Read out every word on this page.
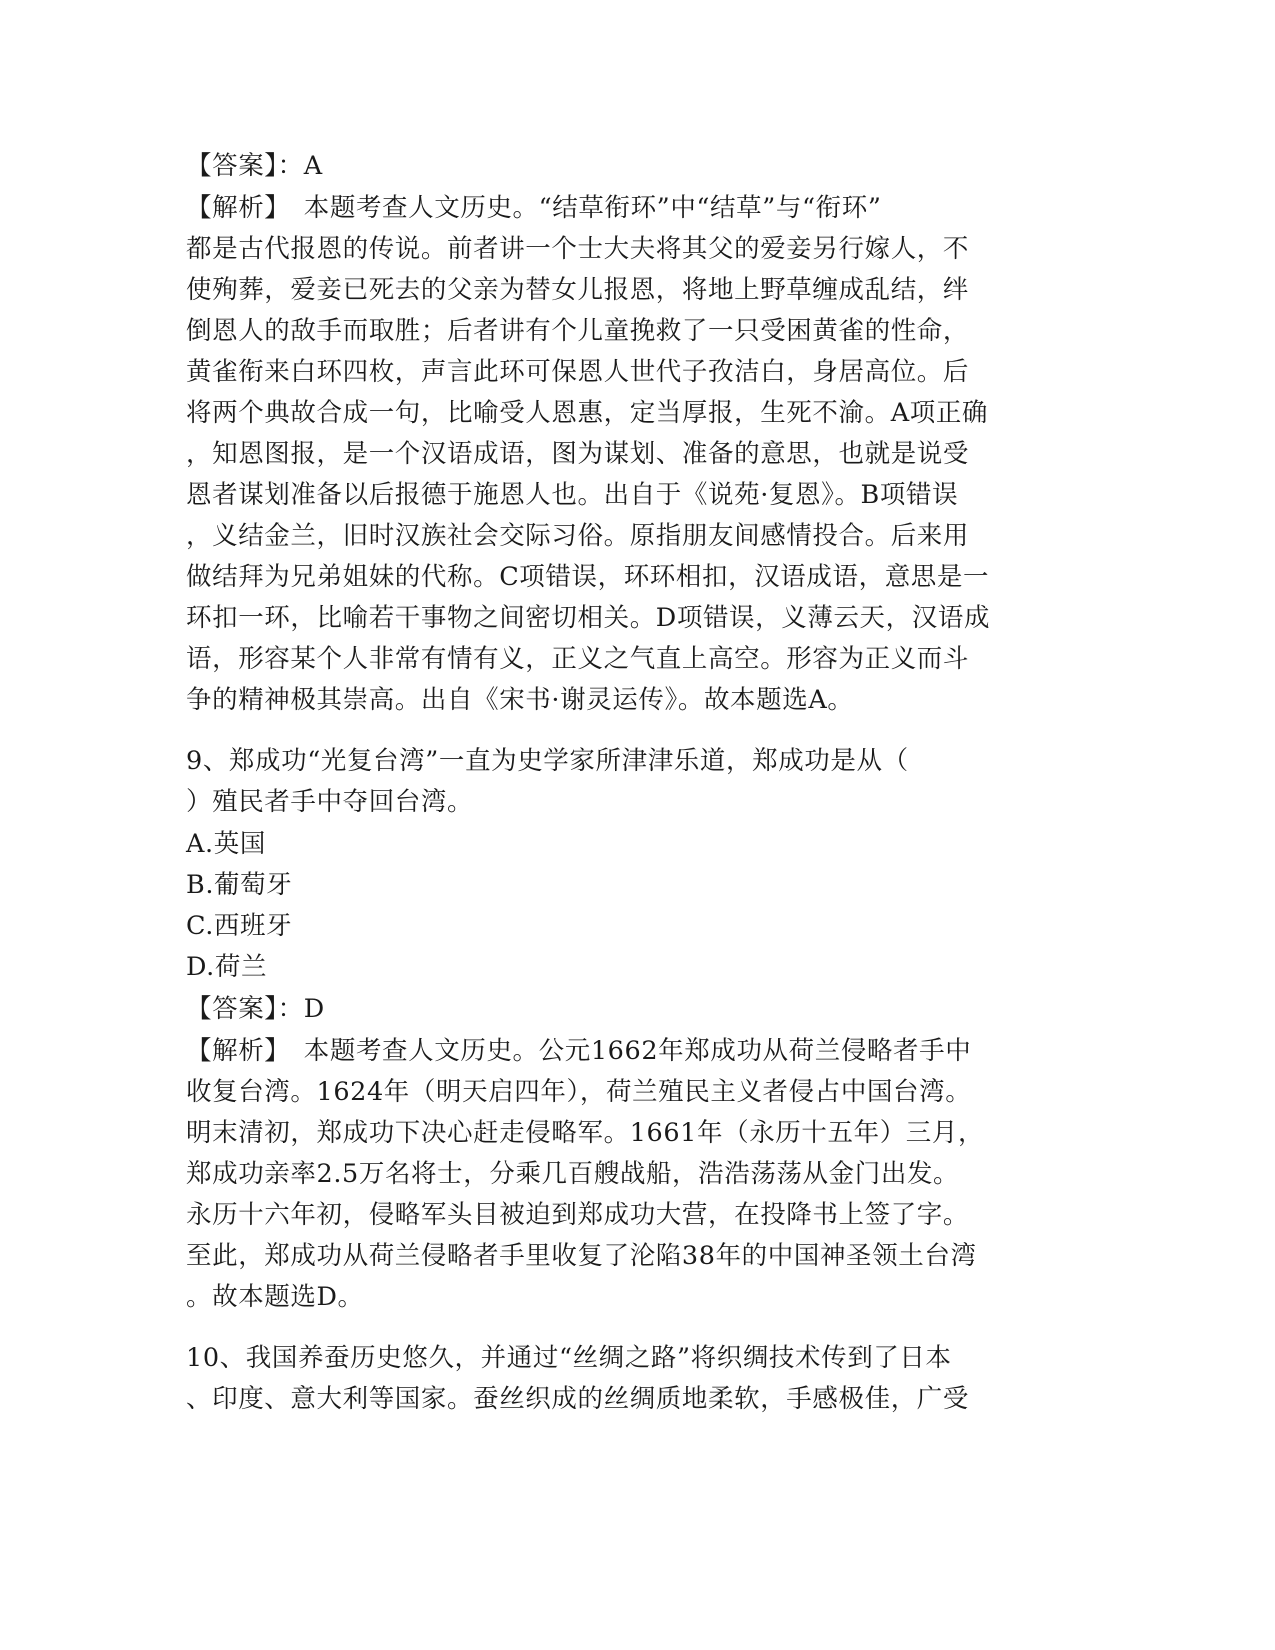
【答案】：A
【解析】　本题考查人文历史。“结草衔环”中“结草”与“衔环”
都是古代报恩的传说。前者讲一个士大夫将其父的爱妾另行嫁人，不
使殉葬，爱妾已死去的父亲为替女儿报恩，将地上野草缠成乱结，绊
倒恩人的敌手而取胜；后者讲有个儿童挽救了一只受困黄雀的性命，
黄雀衔来白环四枚，声言此环可保恩人世代子孜洁白，身居高位。后
将两个典故合成一句，比喻受人恩惠，定当厚报，生死不渝。A项正确
，知恩图报，是一个汉语成语，图为谋划、准备的意思，也就是说受
恩者谋划准备以后报德于施恩人也。出自于《说苑·复恩》。B项错误
，义结金兰，旧时汉族社会交际习俗。原指朋友间感情投合。后来用
做结拜为兄弟姐妹的代称。C项错误，环环相扣，汉语成语，意思是一
环扣一环，比喻若干事物之间密切相关。D项错误，义薄云天，汉语成
语，形容某个人非常有情有义，正义之气直上高空。形容为正义而斗
争的精神极其崇高。出自《宋书·谢灵运传》。故本题选A。
9、郑成功“光复台湾”一直为史学家所津津乐道，郑成功是从（
）殖民者手中夺回台湾。
A.英国
B.葡萄牙
C.西班牙
D.荷兰
【答案】：D
【解析】　本题考查人文历史。公元1662年郑成功从荷兰侵略者手中
收复台湾。1624年（明天启四年），荷兰殖民主义者侵占中国台湾。
明末清初，郑成功下决心赶走侵略军。1661年（永历十五年）三月，
郑成功亲率2.5万名将士，分乘几百艘战船，浩浩荡荡从金门出发。
永历十六年初，侵略军头目被迫到郑成功大营，在投降书上签了字。
至此，郑成功从荷兰侵略者手里收复了沦陷38年的中国神圣领土台湾
。故本题选D。
10、我国养蚕历史悠久，并通过“丝绸之路”将织绸技术传到了日本
、印度、意大利等国家。蚕丝织成的丝绸质地柔软，手感极佳，广受
